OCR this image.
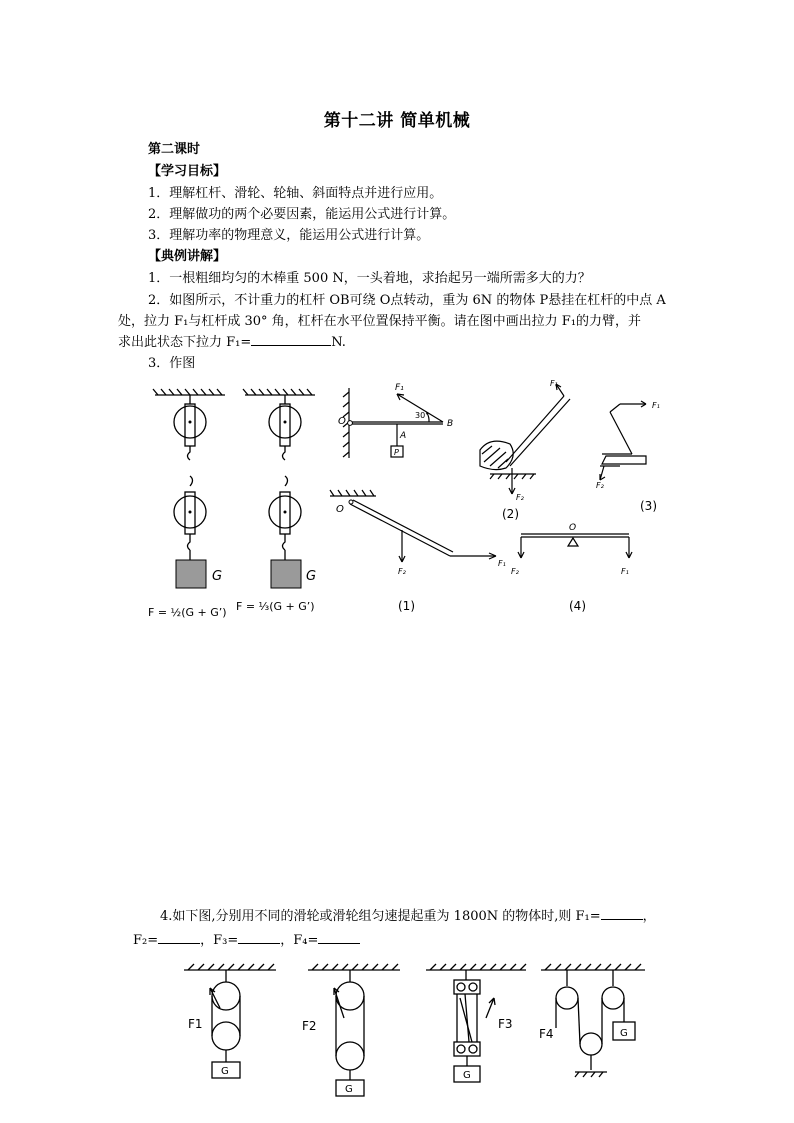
第十二讲 简单机械
第二课时
【学习目标】
1．理解杠杆、滑轮、轮轴、斜面特点并进行应用。
2．理解做功的两个必要因素，能运用公式进行计算。
3．理解功率的物理意义，能运用公式进行计算。
【典例讲解】
1．一根粗细均匀的木棒重 500 N，一头着地，求抬起另一端所需多大的力？
2．如图所示，不计重力的杠杆 OB可绕 O点转动，重为 6N 的物体 P悬挂在杠杆的中点 A
处，拉力 F₁与杠杆成 30° 角，杠杆在水平位置保持平衡。请在图中画出拉力 F₁的力臂，并
求出此状态下拉力 F₁=	N.
3．作图
G	G
F = ½(G + G’) F = ⅓(G + G’)
O
F₁
30°
B
A
P
F₁
F₂
(2)
F₁
F₂
(3)
O
F₁
F₂
(1)
O
F₂	F₁
(4)
4.如下图,分别用不同的滑轮或滑轮组匀速提起重为 1800N 的物体时,则 F₁=	，
F₂=	，F₃=	，F₄=
F1
G
F2
G
F3
G
F4	G
